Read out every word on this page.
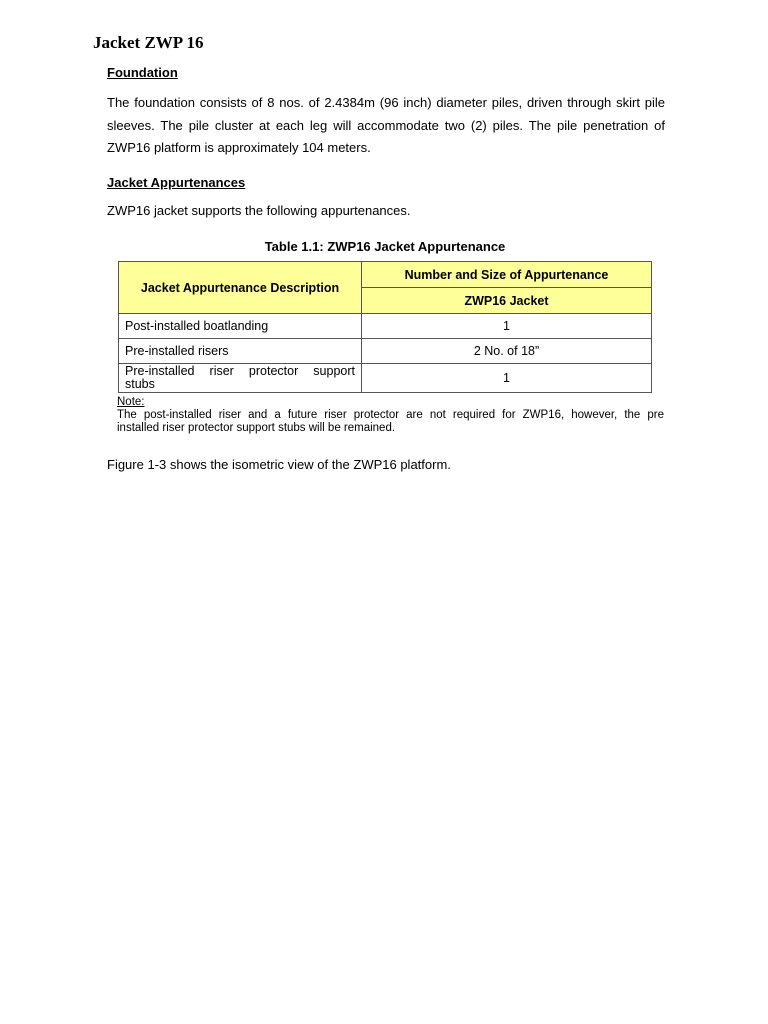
Jacket ZWP 16
Foundation
The foundation consists of 8 nos. of 2.4384m (96 inch) diameter piles, driven through skirt pile
sleeves. The pile cluster at each leg will accommodate two (2) piles. The pile penetration of
ZWP16 platform is approximately 104 meters.
Jacket Appurtenances
ZWP16 jacket supports the following appurtenances.
Table 1.1: ZWP16 Jacket Appurtenance
Jacket Appurtenance Description	Number and Size of Appurtenance
	ZWP16 Jacket
Post-installed boatlanding	1
Pre-installed risers	2 No. of 18”

Pre-installed riser protector support
stubs	1
Note:
The post-installed riser and a future riser protector are not required for ZWP16, however, the pre
installed riser protector support stubs will be remained.
Figure 1-3 shows the isometric view of the ZWP16 platform.
